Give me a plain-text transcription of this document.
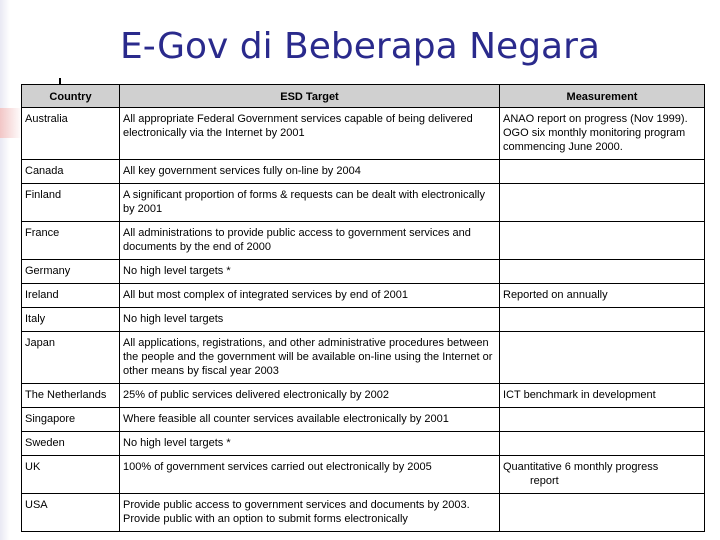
E-Gov di Beberapa Negara
Country	ESD Target	Measurement
Australia	All appropriate Federal Government services capable of being delivered electronically via the Internet by 2001	ANAO report on progress (Nov 1999). OGO six monthly monitoring program commencing June 2000.
Canada	All key government services fully on-line by 2004	
Finland	A significant proportion of forms & requests can be dealt with electronically by 2001	
France	All administrations to provide public access to government services and documents by the end of 2000	
Germany	No high level targets *	
Ireland	All but most complex of integrated services by end of 2001	Reported on annually
Italy	No high level targets	
Japan	All applications, registrations, and other administrative procedures between the people and the government will be available on-line using the Internet or other means by fiscal year 2003	
The Netherlands	25% of public services delivered electronically by 2002	ICT benchmark in development
Singapore	Where feasible all counter services available electronically by 2001	
Sweden	No high level targets *	
UK	100% of government services carried out electronically by 2005	Quantitative 6 monthly progress
report
USA	Provide public access to government services and documents by 2003. Provide public with an option to submit forms electronically	
